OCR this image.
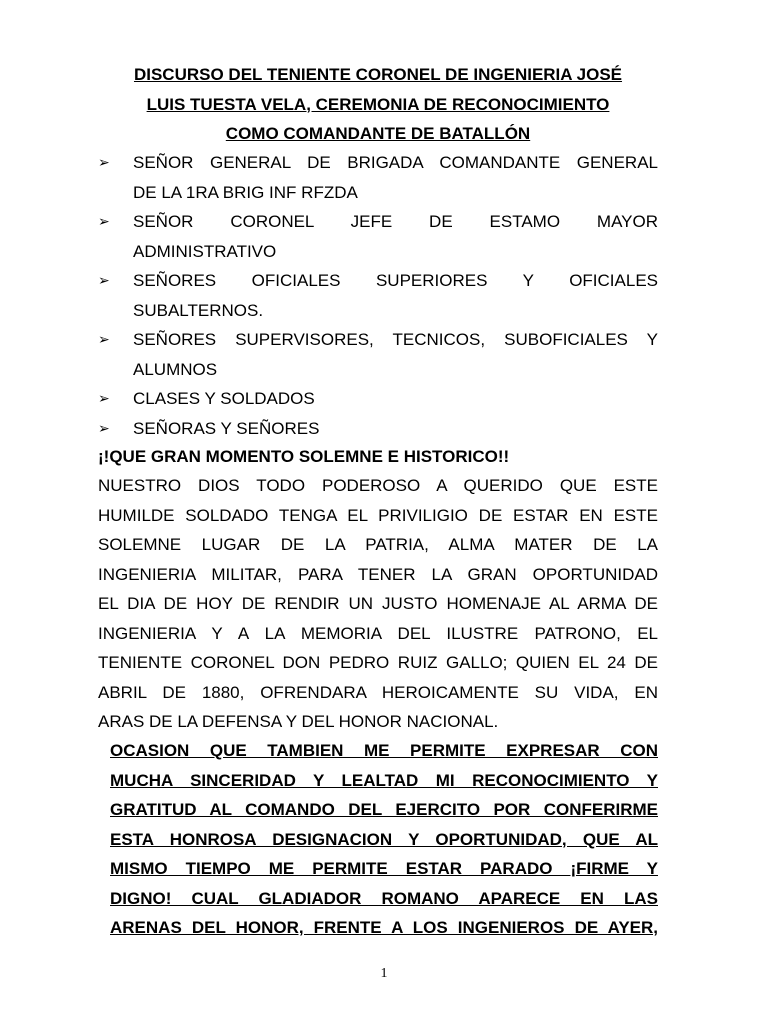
DISCURSO DEL TENIENTE CORONEL DE INGENIERIA JOSÉ
LUIS TUESTA VELA, CEREMONIA DE RECONOCIMIENTO
COMO COMANDANTE DE BATALLÓN
➢	SEÑOR GENERAL DE BRIGADA COMANDANTE GENERAL
DE LA 1RA BRIG INF RFZDA
➢	SEÑOR CORONEL JEFE DE ESTAMO MAYOR
ADMINISTRATIVO
➢	SEÑORES OFICIALES SUPERIORES Y OFICIALES
SUBALTERNOS.
➢	SEÑORES SUPERVISORES, TECNICOS, SUBOFICIALES Y
ALUMNOS
➢	CLASES Y SOLDADOS
➢	SEÑORAS Y SEÑORES
¡!QUE GRAN MOMENTO SOLEMNE E HISTORICO!!
NUESTRO DIOS TODO PODEROSO A QUERIDO QUE ESTE
HUMILDE SOLDADO TENGA EL PRIVILIGIO DE ESTAR EN ESTE
SOLEMNE LUGAR DE LA PATRIA, ALMA MATER DE LA
INGENIERIA MILITAR, PARA TENER LA GRAN OPORTUNIDAD
EL DIA DE HOY DE RENDIR UN JUSTO HOMENAJE AL ARMA DE
INGENIERIA Y A LA MEMORIA DEL ILUSTRE PATRONO, EL
TENIENTE CORONEL DON PEDRO RUIZ GALLO; QUIEN EL 24 DE
ABRIL DE 1880, OFRENDARA HEROICAMENTE SU VIDA, EN
ARAS DE LA DEFENSA Y DEL HONOR NACIONAL.
OCASION QUE TAMBIEN ME PERMITE EXPRESAR CON
MUCHA SINCERIDAD Y LEALTAD MI RECONOCIMIENTO Y
GRATITUD AL COMANDO DEL EJERCITO POR CONFERIRME
ESTA HONROSA DESIGNACION Y OPORTUNIDAD, QUE AL
MISMO TIEMPO ME PERMITE ESTAR PARADO ¡FIRME Y
DIGNO! CUAL GLADIADOR ROMANO APARECE EN LAS
ARENAS DEL HONOR, FRENTE A LOS INGENIEROS DE AYER,
1
